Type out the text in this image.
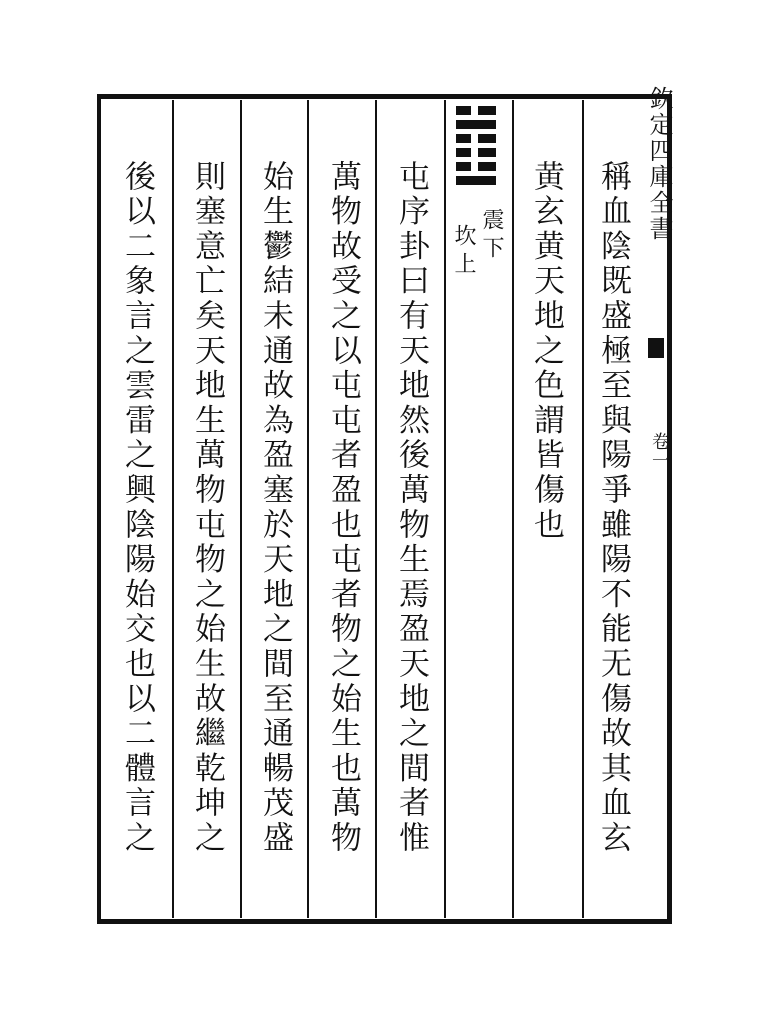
欽定四庫全書
卷一
稱血陰既盛極至與陽爭雖陽不能无傷故其血玄
黄玄黄天地之色謂皆傷也
震下
坎上
屯序卦曰有天地然後萬物生焉盈天地之間者惟
萬物故受之以屯屯者盈也屯者物之始生也萬物
始生鬱結未通故為盈塞於天地之間至通暢茂盛
則塞意亡矣天地生萬物屯物之始生故繼乾坤之
後以二象言之雲雷之興陰陽始交也以二體言之
